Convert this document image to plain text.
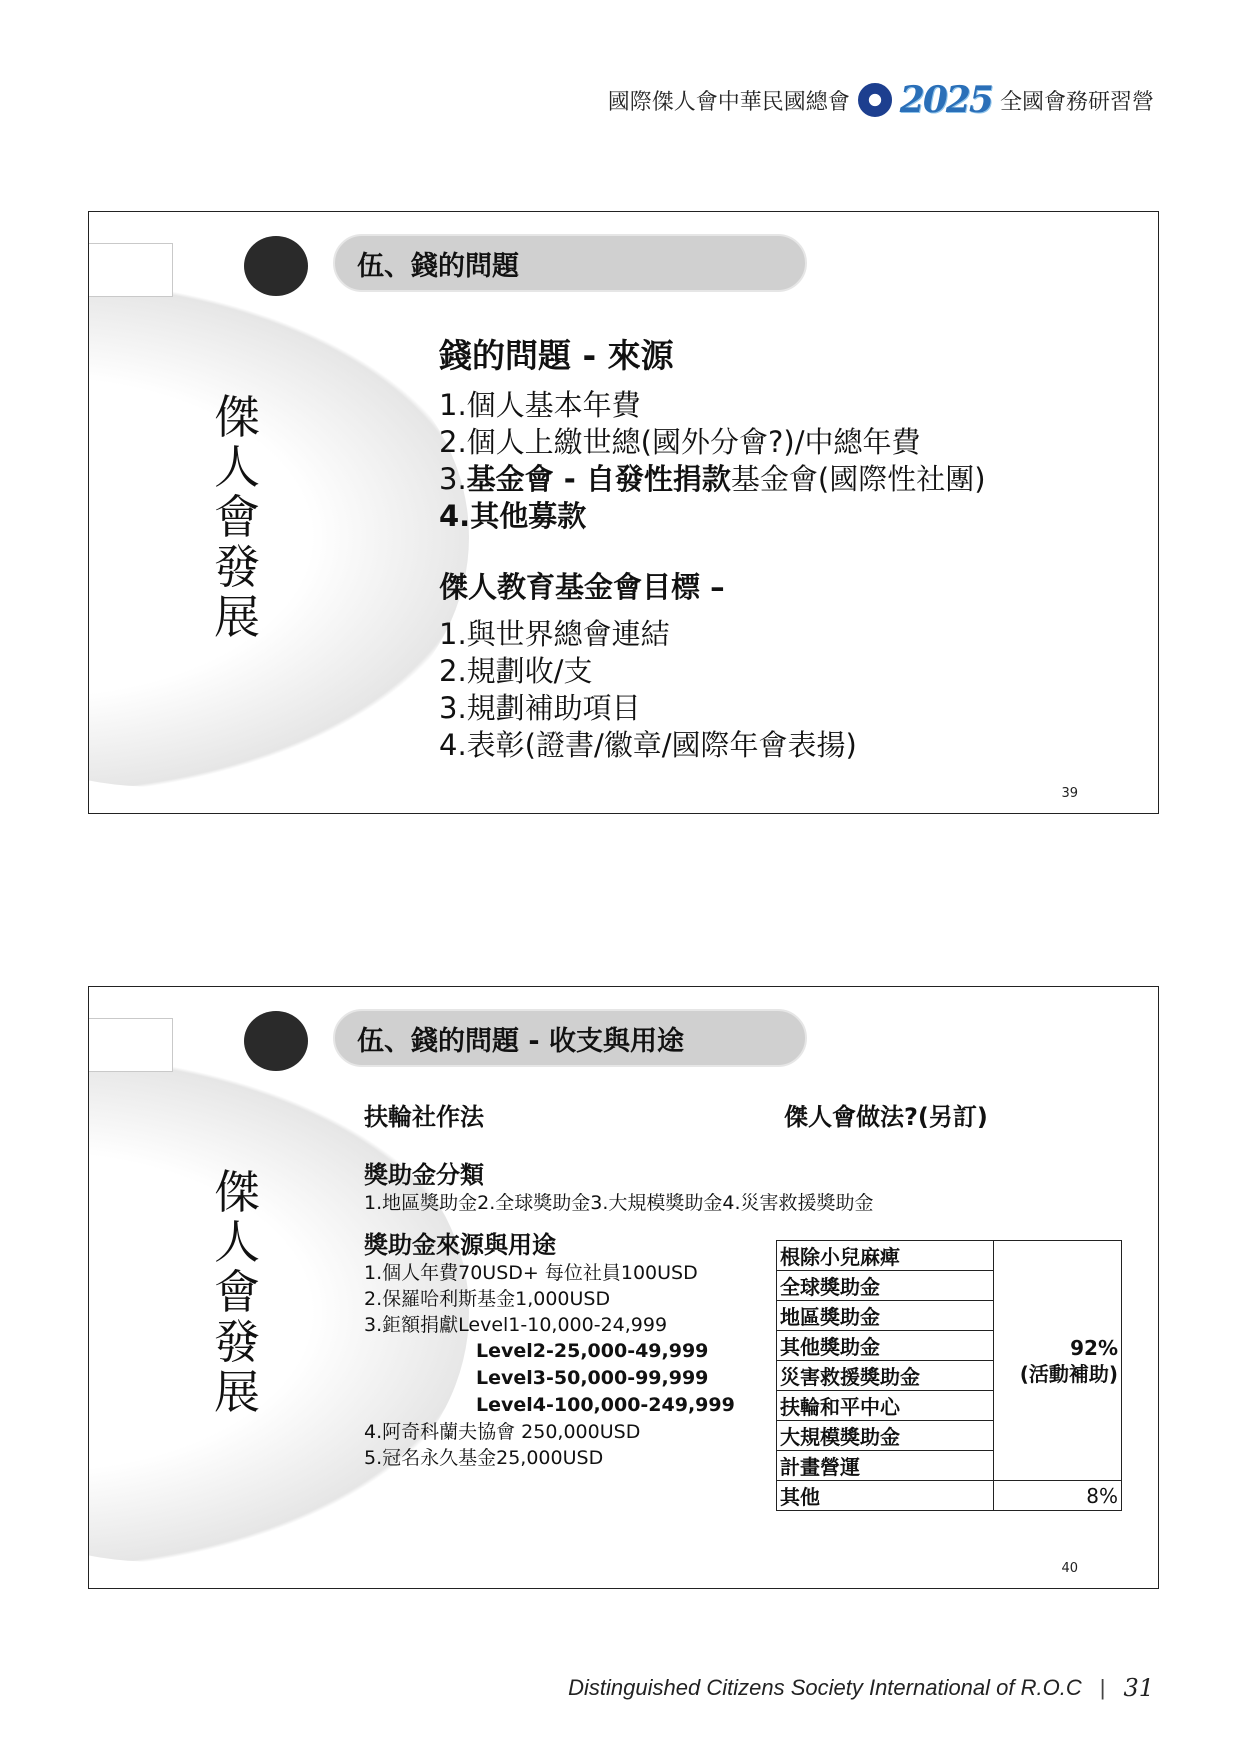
國際傑人會中華民國總會 2025 全國會務研習營
伍、錢的問題
傑
人
會
發
展
錢的問題 - 來源
1.個人基本年費
2.個人上繳世總(國外分會?)/中總年費
3.基金會 - 自發性捐款基金會(國際性社團)
4.其他募款
傑人教育基金會目標 –
1.與世界總會連結
2.規劃收/支
3.規劃補助項目
4.表彰(證書/徽章/國際年會表揚)
39
伍、錢的問題 - 收支與用途
傑
人
會
發
展
扶輪社作法
獎助金分類
1.地區獎助金2.全球獎助金3.大規模獎助金4.災害救援獎助金
獎助金來源與用途
1.個人年費70USD+ 每位社員100USD
2.保羅哈利斯基金1,000USD
3.鉅額捐獻Level1-10,000-24,999
Level2-25,000-49,999
Level3-50,000-99,999
Level4-100,000-249,999
4.阿奇科蘭夫協會 250,000USD
5.冠名永久基金25,000USD
傑人會做法?(另訂)
根除小兒麻痺	92%
(活動補助)

全球獎助金	
地區獎助金	
其他獎助金	
災害救援獎助金	
扶輪和平中心	
大規模獎助金	
計畫營運	
其他	8%
40
Distinguished Citizens Society International of R.O.C | 31
